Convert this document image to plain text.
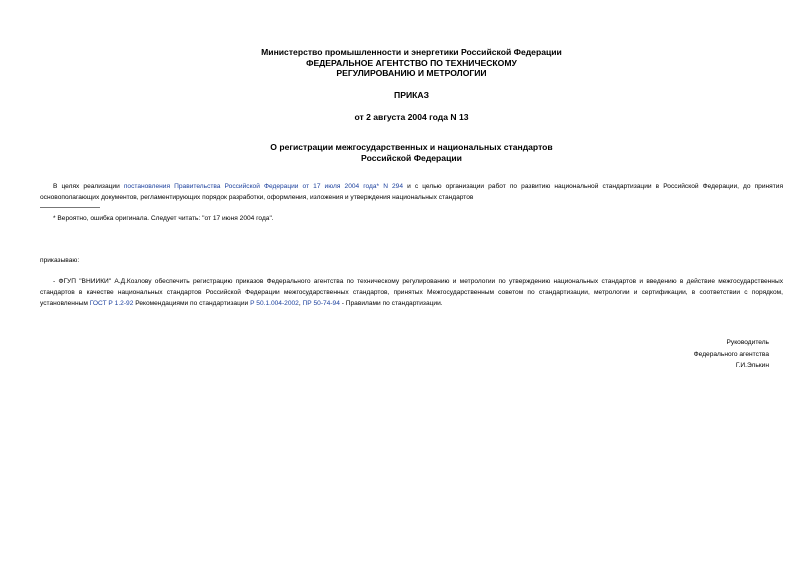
Министерство промышленности и энергетики Российской Федерации
ФЕДЕРАЛЬНОЕ АГЕНТСТВО ПО ТЕХНИЧЕСКОМУ
РЕГУЛИРОВАНИЮ И МЕТРОЛОГИИ
ПРИКАЗ
от 2 августа 2004 года N 13
О регистрации межгосударственных и национальных стандартов
Российской Федерации
В целях реализации постановления Правительства Российской Федерации от 17 июля 2004 года* N 294 и с целью организации работ по развитию национальной стандартизации в Российской Федерации, до принятия основополагающих документов, регламентирующих порядок разработки, оформления, изложения и утверждения национальных стандартов
* Вероятно, ошибка оригинала. Следует читать: "от 17 июня 2004 года".
приказываю:
- ФГУП "ВНИИКИ" А.Д.Козлову обеспечить регистрацию приказов Федерального агентства по техническому регулированию и метрологии по утверждению национальных стандартов и введению в действие межгосударственных стандартов в качестве национальных стандартов Российской Федерации межгосударственных стандартов, принятых Межгосударственным советом по стандартизации, метрологии и сертификации, в соответствии с порядком, установленным ГОСТ Р 1.2-92 Рекомендациями по стандартизации Р 50.1.004-2002, ПР 50-74-94 - Правилами по стандартизации.
Руководитель
Федерального агентства
Г.И.Элькин
